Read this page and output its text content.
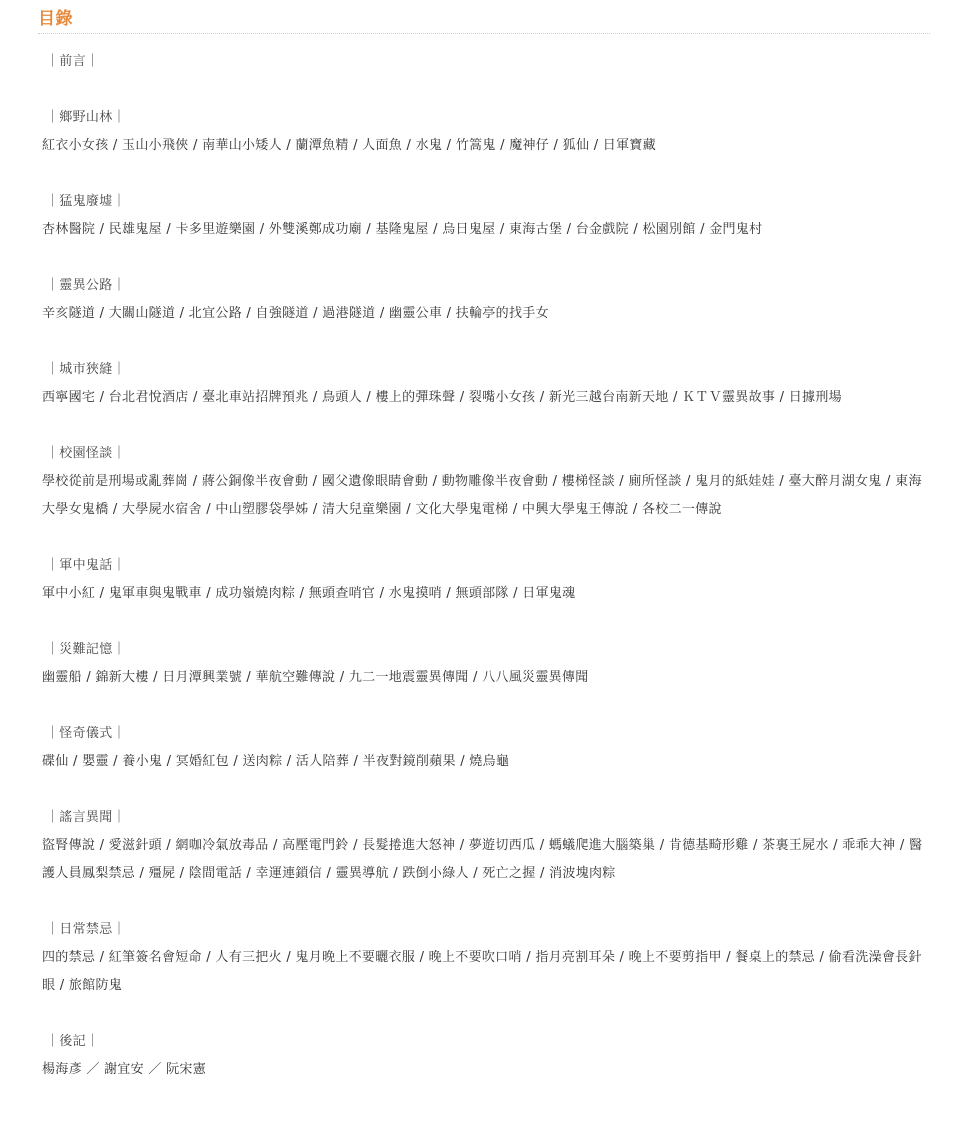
目錄
｜前言｜
｜鄉野山林｜
紅衣小女孩 / 玉山小飛俠 / 南華山小矮人 / 蘭潭魚精 / 人面魚 / 水鬼 / 竹篙鬼 / 魔神仔 / 狐仙 / 日軍寶藏
｜猛鬼廢墟｜
杏林醫院 / 民雄鬼屋 / 卡多里遊樂園 / 外雙溪鄭成功廟 / 基隆鬼屋 / 烏日鬼屋 / 東海古堡 / 台金戲院 / 松園別館 / 金門鬼村
｜靈異公路｜
辛亥隧道 / 大關山隧道 / 北宜公路 / 自強隧道 / 過港隧道 / 幽靈公車 / 扶輪亭的找手女
｜城市狹縫｜
西寧國宅 / 台北君悅酒店 / 臺北車站招牌預兆 / 鳥頭人 / 樓上的彈珠聲 / 裂嘴小女孩 / 新光三越台南新天地 / ＫＴＶ靈異故事 / 日據刑場
｜校園怪談｜
學校從前是刑場或亂葬崗 / 蔣公銅像半夜會動 / 國父遺像眼睛會動 / 動物雕像半夜會動 / 樓梯怪談 / 廁所怪談 / 鬼月的紙娃娃 / 臺大醉月湖女鬼 / 東海大學女鬼橋 / 大學屍水宿舍 / 中山塑膠袋學姊 / 清大兒童樂園 / 文化大學鬼電梯 / 中興大學鬼王傳說 / 各校二一傳說
｜軍中鬼話｜
軍中小紅 / 鬼軍車與鬼戰車 / 成功嶺燒肉粽 / 無頭查哨官 / 水鬼摸哨 / 無頭部隊 / 日軍鬼魂
｜災難記憶｜
幽靈船 / 錦新大樓 / 日月潭興業號 / 華航空難傳說 / 九二一地震靈異傳聞 / 八八風災靈異傳聞
｜怪奇儀式｜
碟仙 / 嬰靈 / 養小鬼 / 冥婚紅包 / 送肉粽 / 活人陪葬 / 半夜對鏡削蘋果 / 燒烏龜
｜謠言異聞｜
盜腎傳說 / 愛滋針頭 / 網咖冷氣放毒品 / 高壓電門鈴 / 長髮捲進大怒神 / 夢遊切西瓜 / 螞蟻爬進大腦築巢 / 肯德基畸形雞 / 茶裏王屍水 / 乖乖大神 / 醫護人員鳳梨禁忌 / 殭屍 / 陰間電話 / 幸運連鎖信 / 靈異導航 / 跌倒小綠人 / 死亡之握 / 消波塊肉粽
｜日常禁忌｜
四的禁忌 / 紅筆簽名會短命 / 人有三把火 / 鬼月晚上不要曬衣服 / 晚上不要吹口哨 / 指月亮割耳朵 / 晚上不要剪指甲 / 餐桌上的禁忌 / 偷看洗澡會長針眼 / 旅館防鬼
｜後記｜
楊海彥 ／ 謝宜安 ／ 阮宋憲
